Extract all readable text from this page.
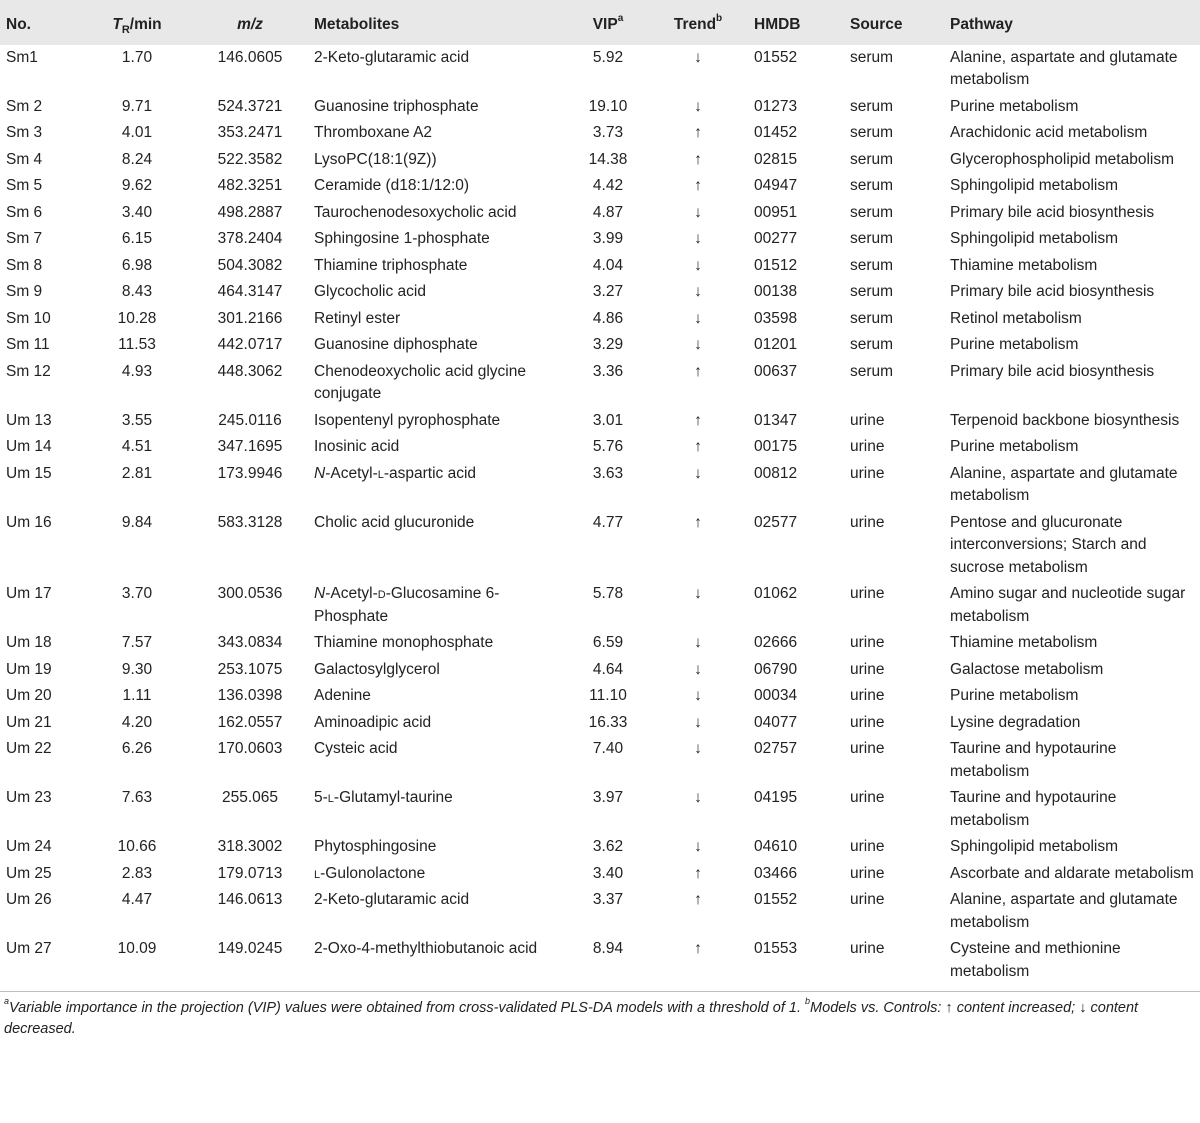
No.	$T_R/\min$	m/z	Metabolites	VIP$^a$	Trend$^b$	HMDB	Source	Pathway
Sm1	1.70	146.0605	2-Keto-glutaramic acid	5.92	↓	01552	serum	Alanine, aspartate and glutamate metabolism
Sm 2	9.71	524.3721	Guanosine triphosphate	19.10	↓	01273	serum	Purine metabolism
Sm 3	4.01	353.2471	Thromboxane A2	3.73	↑	01452	serum	Arachidonic acid metabolism
Sm 4	8.24	522.3582	LysoPC(18:1(9Z))	14.38	↑	02815	serum	Glycerophospholipid metabolism
Sm 5	9.62	482.3251	Ceramide (d18:1/12:0)	4.42	↑	04947	serum	Sphingolipid metabolism
Sm 6	3.40	498.2887	Taurochenodesoxycholic acid	4.87	↓	00951	serum	Primary bile acid biosynthesis
Sm 7	6.15	378.2404	Sphingosine 1-phosphate	3.99	↓	00277	serum	Sphingolipid metabolism
Sm 8	6.98	504.3082	Thiamine triphosphate	4.04	↓	01512	serum	Thiamine metabolism
Sm 9	8.43	464.3147	Glycocholic acid	3.27	↓	00138	serum	Primary bile acid biosynthesis
Sm 10	10.28	301.2166	Retinyl ester	4.86	↓	03598	serum	Retinol metabolism
Sm 11	11.53	442.0717	Guanosine diphosphate	3.29	↓	01201	serum	Purine metabolism
Sm 12	4.93	448.3062	Chenodeoxycholic acid glycine conjugate	3.36	↑	00637	serum	Primary bile acid biosynthesis
Um 13	3.55	245.0116	Isopentenyl pyrophosphate	3.01	↑	01347	urine	Terpenoid backbone biosynthesis
Um 14	4.51	347.1695	Inosinic acid	5.76	↑	00175	urine	Purine metabolism
Um 15	2.81	173.9946	N-Acetyl-l-aspartic acid	3.63	↓	00812	urine	Alanine, aspartate and glutamate metabolism
Um 16	9.84	583.3128	Cholic acid glucuronide	4.77	↑	02577	urine	Pentose and glucuronate interconversions; Starch and sucrose metabolism
Um 17	3.70	300.0536	N-Acetyl-d-Glucosamine 6-Phosphate	5.78	↓	01062	urine	Amino sugar and nucleotide sugar metabolism
Um 18	7.57	343.0834	Thiamine monophosphate	6.59	↓	02666	urine	Thiamine metabolism
Um 19	9.30	253.1075	Galactosylglycerol	4.64	↓	06790	urine	Galactose metabolism
Um 20	1.11	136.0398	Adenine	11.10	↓	00034	urine	Purine metabolism
Um 21	4.20	162.0557	Aminoadipic acid	16.33	↓	04077	urine	Lysine degradation
Um 22	6.26	170.0603	Cysteic acid	7.40	↓	02757	urine	Taurine and hypotaurine metabolism
Um 23	7.63	255.065	5-l-Glutamyl-taurine	3.97	↓	04195	urine	Taurine and hypotaurine metabolism
Um 24	10.66	318.3002	Phytosphingosine	3.62	↓	04610	urine	Sphingolipid metabolism
Um 25	2.83	179.0713	l-Gulonolactone	3.40	↑	03466	urine	Ascorbate and aldarate metabolism
Um 26	4.47	146.0613	2-Keto-glutaramic acid	3.37	↑	01552	urine	Alanine, aspartate and glutamate metabolism
Um 27	10.09	149.0245	2-Oxo-4-methylthiobutanoic acid	8.94	↑	01553	urine	Cysteine and methionine metabolism
$^a$Variable importance in the projection (VIP) values were obtained from cross-validated PLS-DA models with a threshold of 1. $^b$Models vs. Controls: ↑ content increased; ↓ content decreased.
